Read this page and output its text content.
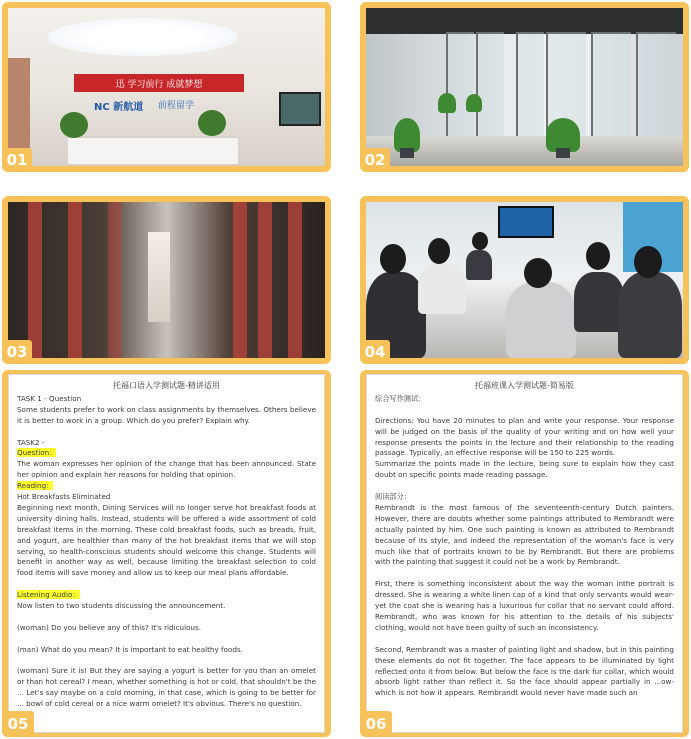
迅 学习前行 成就梦想
NC 新航道	前程留学
01	02
03	04
托福口语入学测试题-精讲适用
TASK 1 - Question
Some students prefer to work on class assignments by themselves. Others believe it is better to work in a group. Which do you prefer? Explain why.
TASK2 -
Question：
The woman expresses her opinion of the change that has been announced. State her opinion and explain her reasons for holding that opinion.
Reading：
Hot Breakfasts Eliminated
Beginning next month, Dining Services will no longer serve hot breakfast foods at university dining halls. Instead, students will be offered a wide assortment of cold breakfast items in the morning. These cold breakfast foods, such as breads, fruit, and yogurt, are healthier than many of the hot breakfast items that we will stop serving, so health-conscious students should welcome this change. Students will benefit in another way as well, because limiting the breakfast selection to cold food items will save money and allow us to keep our meal plans affordable.
Listening Audio：
Now listen to two students discussing the announcement.
(woman) Do you believe any of this? It's ridiculous.
(man) What do you mean? It is important to eat healthy foods.
(woman) Sure it is! But they are saying a yogurt is better for you than an omelet or than hot cereal? I mean, whether something is hot or cold, that shouldn't be the ... Let's say maybe on a cold morning, in that case, which is going to be better for ... bowl of cold cereal or a nice warm omelet? It's obvious. There's no question.
05
托福班课入学测试题-简易版
综合写作测试：
Directions: You have 20 minutes to plan and write your response. Your response will be judged on the basis of the quality of your writing and on how well your response presents the points in the lecture and their relationship to the reading passage. Typically, an effective response will be 150 to 225 words.
Summarize the points made in the lecture, being sure to explain how they cast doubt on specific points made reading passage.
阅读部分：
Rembrandt is the most famous of the seventeenth-century Dutch painters. However, there are doubts whether some paintings attributed to Rembrandt were actually painted by him. One such painting is known as attributed to Rembrandt because of its style, and indeed the representation of the woman's face is very much like that of portraits known to be by Rembrandt. But there are problems with the painting that suggest it could not be a work by Rembrandt.
First, there is something inconsistent about the way the woman inthe portrait is dressed. She is wearing a white linen cap of a kind that only servants would wear-yet the coat she is wearing has a luxurious fur collar that no servant could afford. Rembrandt, who was known for his attention to the details of his subjects' clothing, would not have been guilty of such an inconsistency.
Second, Rembrandt was a master of painting light and shadow, but in this painting these elements do not fit together. The face appears to be illuminated by light reflected onto it from below. But below the face is the dark fur collar, which would absorb light rather than reflect it. So the face should appear partially in ...ow-which is not how it appears. Rembrandt would never have made such an
06
